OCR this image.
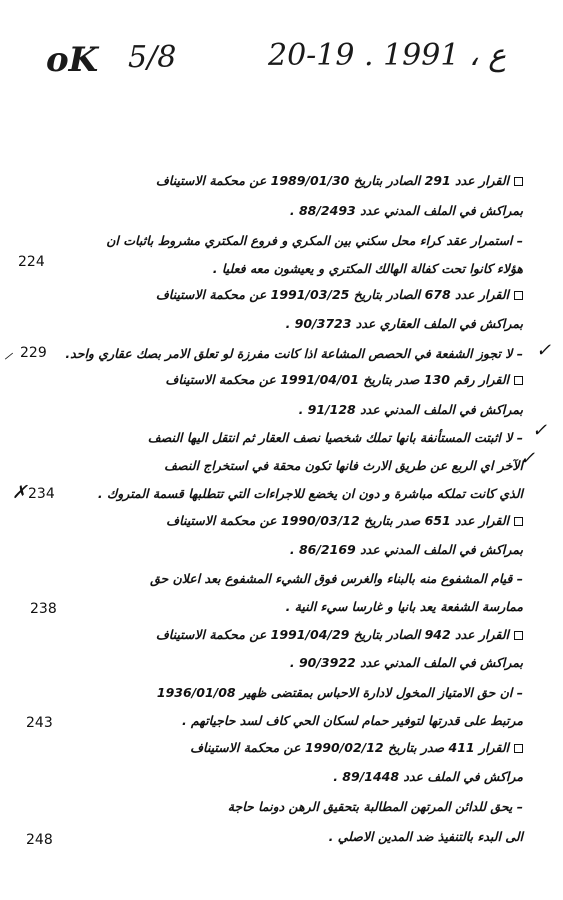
oK 5/8	20-19 . ع ، 1991
القرار عدد 291 الصادر بتاريخ 1989/01/30 عن محكمة الاستيناف
بمراكش في الملف المدني عدد 88/2493 .
– استمرار عقد كراء محل سكني بين المكري و فروع المكتري مشروط باثبات ان
هؤلاء كانوا تحت كفالة الهالك المكتري و يعيشون معه فعليا .
القرار عدد 678 الصادر بتاريخ 1991/03/25 عن محكمة الاستيناف
بمراكش في الملف العقاري عدد 90/3723 .
– لا تجوز الشفعة في الحصص المشاعة اذا كانت مفرزة لو تعلق الامر بصك عقاري واحد.
القرار رقم 130 صدر بتاريخ 1991/04/01 عن محكمة الاستيناف
بمراكش في الملف المدني عدد 91/128 .
– لا اثبتت المستأنفة بانها تملك شخصيا نصف العقار ثم انتقل اليها النصف
الآخر اي الربع عن طريق الارث فانها تكون محقة في استخراج النصف
الذي كانت تملكه مباشرة و دون ان يخضع للاجراءات التي تتطلبها قسمة المتروك .
القرار عدد 651 صدر بتاريخ 1990/03/12 عن محكمة الاستيناف
بمراكش في الملف المدني عدد 86/2169 .
– قيام المشفوع منه بالبناء والغرس فوق الشيء المشفوع بعد اعلان حق
ممارسة الشفعة يعد بانيا و غارسا سيء النية .
القرار عدد 942 الصادر بتاريخ 1991/04/29 عن محكمة الاستيناف
بمراكش في الملف المدني عدد 90/3922 .
– ان حق الامتياز المخول لادارة الاحباس بمقتضى ظهير 1936/01/08
مرتبط على قدرتها لتوفير حمام لسكان الحي كاف لسد حاجياتهم .
القرار 411 صدر بتاريخ 1990/02/12 عن محكمة الاستيناف
مراكش في الملف عدد 89/1448 .
– يحق للدائن المرتهن المطالبة بتحقيق الرهن دونما حاجة
الى البدء بالتنفيذ ضد المدين الاصلي .
224
229
⸝
234
✗
238
243
248
✓
✓
✓
